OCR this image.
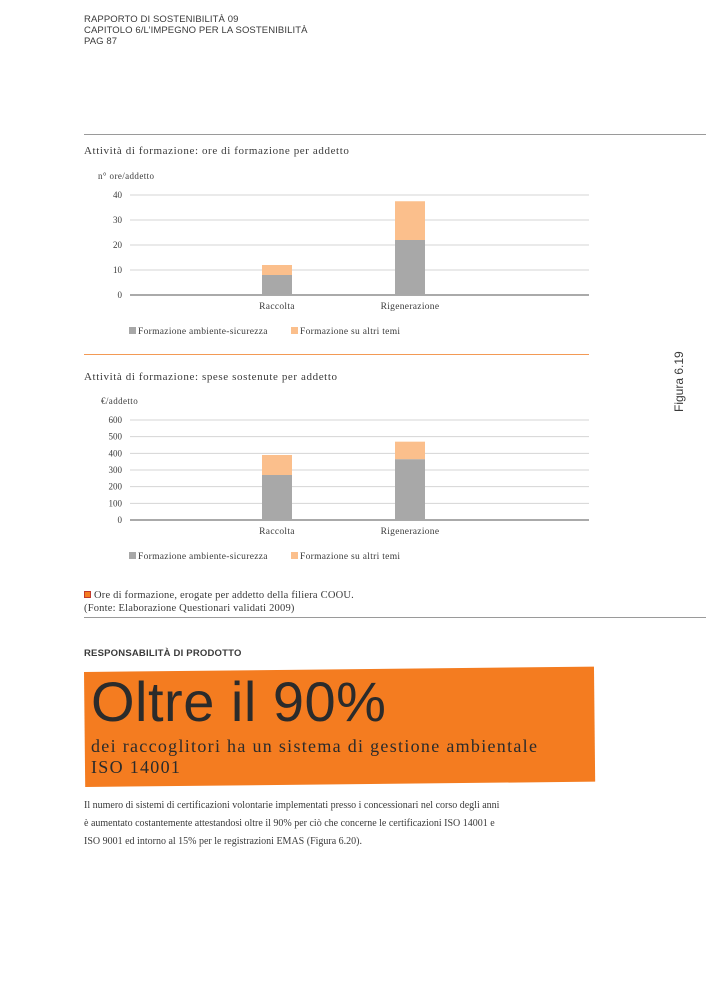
RAPPORTO DI SOSTENIBILITÀ 09
CAPITOLO 6/L’IMPEGNO PER LA SOSTENIBILITÀ
PAG 87
Attività di formazione: ore di formazione per addetto
n° ore/addetto
40
30
20
10
0
Raccolta	Rigenerazione
Formazione ambiente-sicurezza	Formazione su altri temi
Attività di formazione: spese sostenute per addetto
€/addetto
600
500
400
300
200
100
0
Raccolta	Rigenerazione
Formazione ambiente-sicurezza	Formazione su altri temi
Figura 6.19
Ore di formazione, erogate per addetto della filiera COOU.
(Fonte: Elaborazione Questionari validati 2009)
RESPONSABILITÀ DI PRODOTTO
Oltre il 90%
dei raccoglitori ha un sistema di gestione ambientale
ISO 14001
Il numero di sistemi di certificazioni volontarie implementati presso i concessionari nel corso degli anni
è aumentato costantemente attestandosi oltre il 90% per ciò che concerne le certificazioni ISO 14001 e
ISO 9001 ed intorno al 15% per le registrazioni EMAS (Figura 6.20).
